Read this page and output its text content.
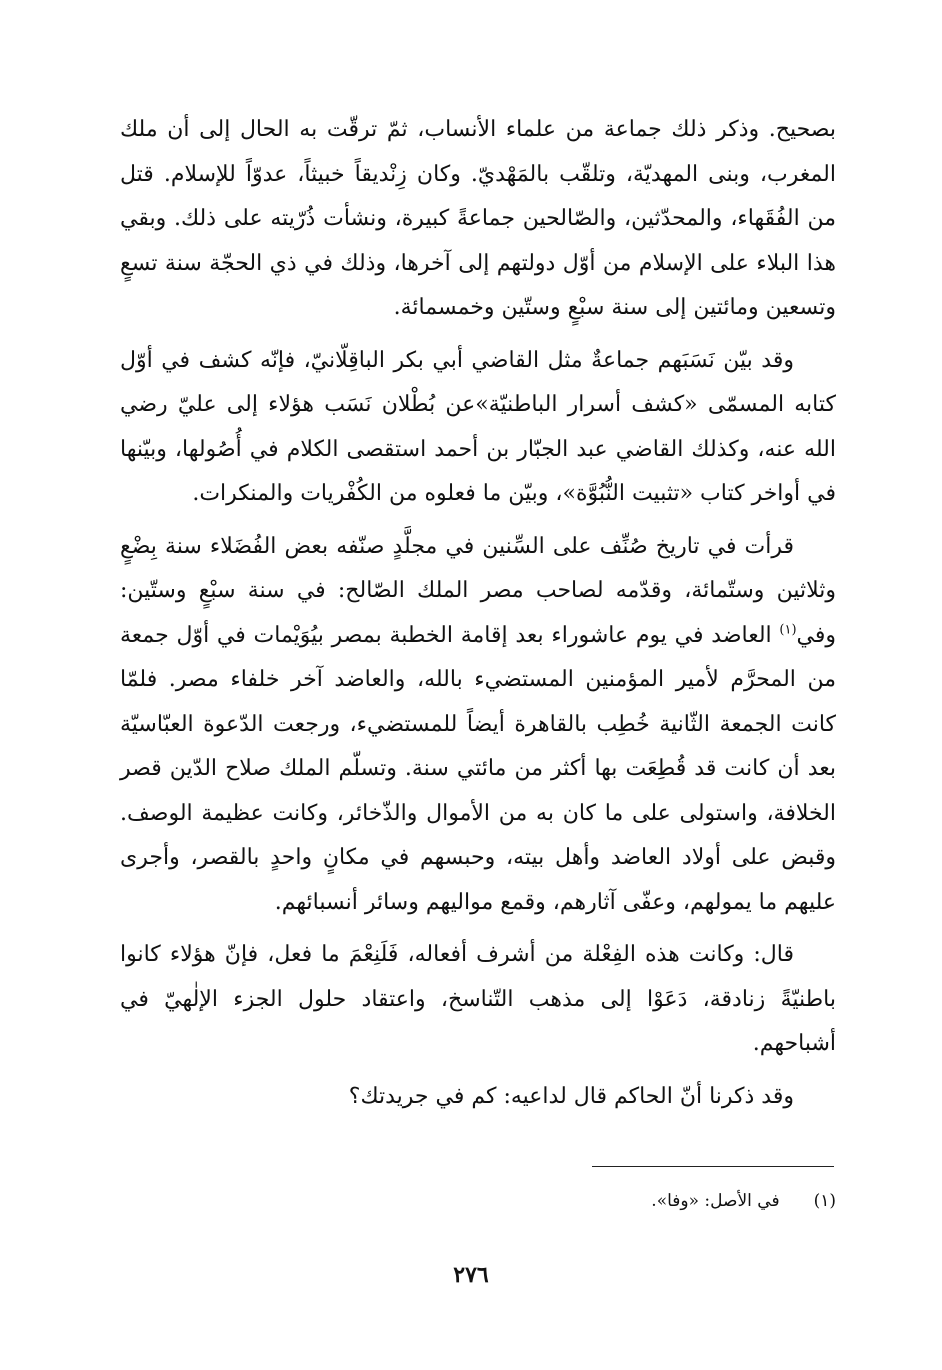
بصحيح. وذكر ذلك جماعة من علماء الأنساب، ثمّ ترقّت به الحال إلى أن ملك المغرب، وبنى المهديّة، وتلقّب بالمَهْديّ. وكان زِنْديقاً خبيثاً، عدوّاً للإسلام. قتل من الفُقَهاء، والمحدّثين، والصّالحين جماعةً كبيرة، ونشأت ذُرّيته على ذلك. وبقي هذا البلاء على الإسلام من أوّل دولتهم إلى آخرها، وذلك في ذي الحجّة سنة تسعٍ وتسعين ومائتين إلى سنة سبْعٍ وستّين وخمسمائة.

وقد بيّن نَسَبَهم جماعةٌ مثل القاضي أبي بكر الباقِلّانيّ، فإنّه كشف في أوّل كتابه المسمّى «كشف أسرار الباطنيّة»عن بُطْلان نَسَب هؤلاء إلى عليّ رضي الله عنه، وكذلك القاضي عبد الجبّار بن أحمد استقصى الكلام في أُصُولها، وبيّنها في أواخر كتاب «تثبيت النُّبُوَّة»، وبيّن ما فعلوه من الكُفْريات والمنكرات.

قرأت في تاريخ صُنِّف على السِّنين في مجلَّدٍ صنّفه بعض الفُضَلاء سنة بِضْعٍ وثلاثين وستّمائة، وقدّمه لصاحب مصر الملك الصّالح: في سنة سبْعٍ وستّين: وفي$^{(١)}$ العاضد في يوم عاشوراء بعد إقامة الخطبة بمصر بيُوَيْمات في أوّل جمعة من المحرَّم لأمير المؤمنين المستضيء بالله، والعاضد آخر خلفاء مصر. فلمّا كانت الجمعة الثّانية خُطِب بالقاهرة أيضاً للمستضيء، ورجعت الدّعوة العبّاسيّة بعد أن كانت قد قُطِعَت بها أكثر من مائتي سنة. وتسلّم الملك صلاح الدّين قصر الخلافة، واستولى على ما كان به من الأموال والذّخائر، وكانت عظيمة الوصف. وقبض على أولاد العاضد وأهل بيته، وحبسهم في مكانٍ واحدٍ بالقصر، وأجرى عليهم ما يمولهم، وعفّى آثارهم، وقمع مواليهم وسائر أنسبائهم.

قال: وكانت هذه الفِعْلة من أشرف أفعاله، فَلَنِعْمَ ما فعل، فإنّ هؤلاء كانوا باطنيّةً زنادقة، دَعَوْا إلى مذهب التّناسخ، واعتقاد حلول الجزء الإلٰهيّ في أشباحهم.

وقد ذكرنا أنّ الحاكم قال لداعيه: كم في جريدتك؟

(١)في الأصل: «وفا».
٢٧٦
